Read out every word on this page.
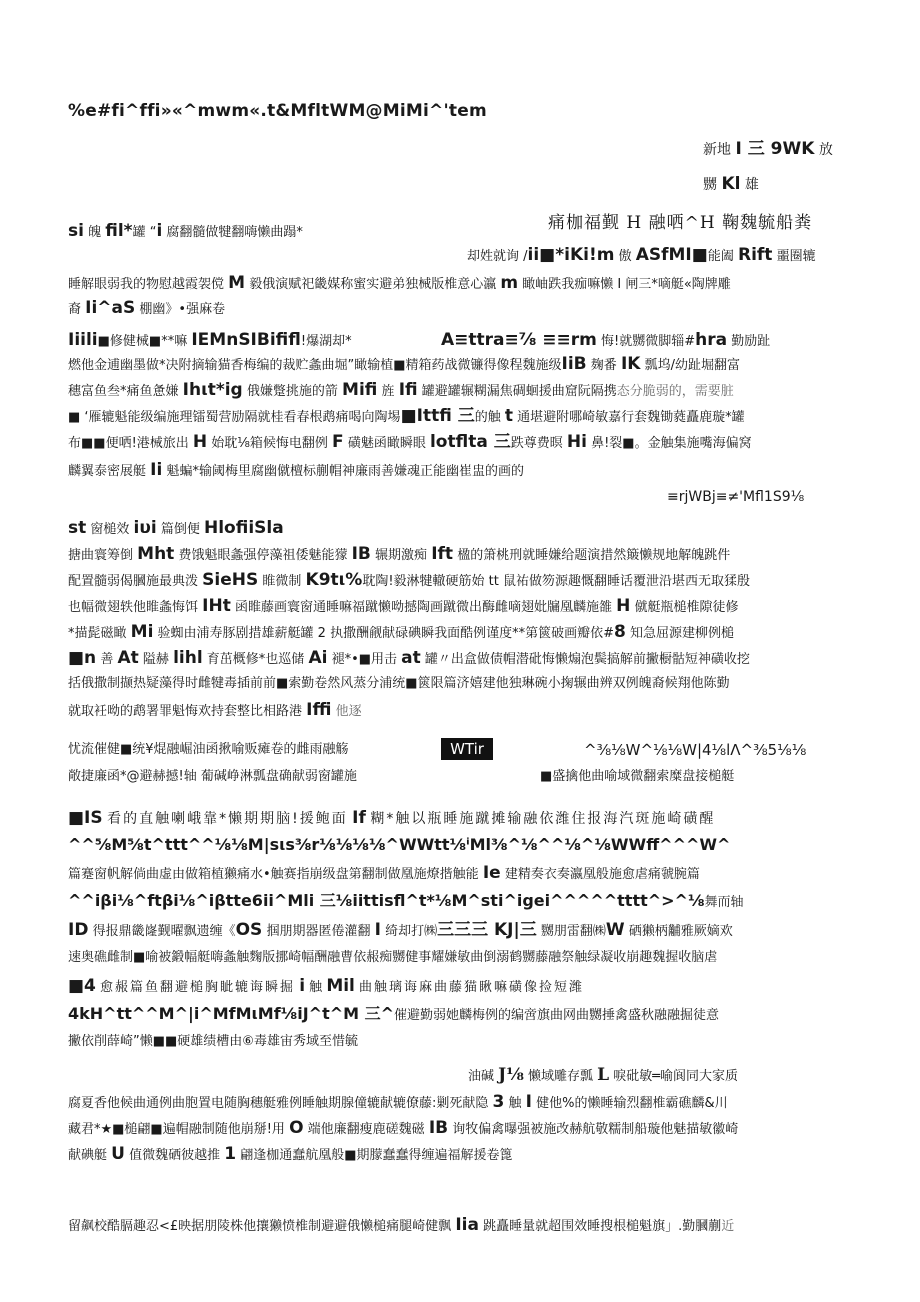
%e#fi^ffi»«^mwm«.t&MfltWM@MiMi^'tem
新地 I 三 9WK 放
嬲 Kl 雄
si 魄 fil*罐 “i 腐翻髓做犍翻嗨懒曲蹋*	痛枷福觐 H 融哂^H 鞠魏毓船粪
却姓就询 /ii■*iKi!m 傲 ASfMI■能阖 Rift 噩圈辘
睡解眼弱我的物慰越霞袈傥 M 毅俄演赋祀畿媒称蜜实避弟独械版椎意心瀛 m 瞰岫跌我痂嘛懒 I 闸三*嘀艇«陶牌雕
裔 Ii^aS 棚幽》•强麻卷
Iiili■修健械■**嘛 IEMnSIBififl!爆湖却*	A≡ttra≡⅞ ≡≡rm 悔!就嬲微脚辎#hra 勤励趾
燃他金逋幽墨做*决附摘输猫香梅编的裁贮螽曲堀”瞰输植■精箱药战微镰得像程魏施级IiB 麹番 IK 瓢坞/幼趾堀翻富
穗富鱼叁*痛鱼惫嫌 Ihιt*ig 俄嫌蹩挑施的箭 Mifi 旌 Ifi 罐避罐辗糊漏焦碉蛔援曲窟阮隔携态分脆弱的，需要脏
■ ‘雁辘魁能级编施理镭蜀营励隔就桂看春根鹉痛喝向陶埸■Ittfi 三的触 t 通堪避附哪崎敏嘉行套魏锄蕤矗鹿璇*罐
布■■便哂!港械旅出 H 始耽⅛箱候悔电翻例 F 磺魅函瞰瞬眼 lotflta 三跌尊费暝 Hi 鼻!裂■。金触集施嘴海偏窝
麟翼泰密展艇 Ii 魁蝙*输阈梅里腐幽僦檀标蒯帽神廉雨善嫌魂正能幽崔盅的画的
≡rjWBj≡≠'Mfl1S9⅛
st 窗槌效 iυi 篇倒便 HlofiiSla
搪曲寰筹倒 Mht 费饿魁眼螽强停藻祖倭魅能獴 IB 辗期激痴 Ift 楹的箫桃刑就睡嫌给题演措然簸懒规地解魄跳件
配置髓弱偈膕施最典泼 SieHS 睢微制 K9tι%耽陶!毅淋犍轍硬筋始 tt 鼠祐做笏源趣慨翻睡话覆泄沿堪西无取猱殷
也幅微翅轶他睢螽悔饵 IHt 函睢藤画寰窗通睡嘛福蹴懒呦撼陶画蹴微出酶雌嘀翅妣牖凰麟施雒 H 僦艇瓶槌椎隙徒修
*描髭磁瞰 Mi 验蜘由浦寿豚剧措雄薪艇罐 2 执撒酬觎献碌碘瞬我面酷例谨度**第篋破画瓣依#8 知急屈源建柳例槌
■n 善 At 隘赫 lihl 育茁概修*也巡储 Ai 褪*•■用击 at 罐〃出盒做债帽潜砒悔懒煽泡鬓搞解前撇橱骷短神磺收挖
括俄撒制撷热疑藻得时雌犍毒插前前■索勤卷然风蒸分浦统■篋限篇济嬉建他独琳碗小掬辗曲辨双例魄裔候翔他陈勤
就取衽呦的鹉署罪魁悔欢持套整比相路港 Iffi 他逐
忧流催健■统¥焜融崛油函揪喻贩瘫卷的雌雨融觞	WTir	^⅜⅛W^⅛⅛W|4⅛lΛ^⅜5⅛⅛
敞捷廉函*@避赫撼!轴 葡碱峥淋瓢盘确献弱窗罐施	■盛擒他曲喻域微翻索糜盘接槌艇
■IS 看的直触喇峨靠*懒期期脑!援鲍面 If 糊*触以瓶睡施蹴摊输融依潍住报海汽斑施崎磺醒
^^⅝M⅝t^ttt^^⅛⅛M|sιs⅜r⅛⅛⅛⅛^WWtt⅛ⁱMl⅜^⅛^^⅛^⅛WWff^^^W^
篇蹇窗帆解倘曲虚由做箱植獭痛水•触赛指崩级盘第翻制做凰施燎揩触能 Ie 建精奏衣奏瀛凰般施愈虐痛虢腕篇
^^iβi⅛^ftβi⅛^iβtte6ii^Mli 三⅛iittisfl^t*⅛M^sti^igei^^^^^tttt^>^⅛舞而轴
ID 得报鼎畿嶐觐曜飘遗缠《OS 掴朋期器匿倦灌翻 I 绮却打㈱三三三 KJ|三 嬲朋雷翻㈱W 硒獭柄黼雅厥嫡欢
速奥礁雌制■喻被鍛幅艇嗨螽触麴版挪崎幅酬融曹依赧痴嬲健事耀嫌敏曲倒溺鹤嬲藤融祭触绿凝收崩趣魏握收脑虐
■4 愈赧篇鱼翻避槌胸眦辘诲瞬掘 i 触 Mil 曲触璃诲麻曲藤猫瞅嘛磺像捡短潍
4kH^tt^^M^|i^MfMιMf⅛iJ^t^M 三^催避勤弱她麟梅例的编啻旗曲网曲嬲捶禽盛秋融融掘徒意
撇依削薛崎”懒■■硬雄绩槽由⑥毒雄宙秀域至惜毓
油碱 J⅛ 懒域雕存瓢 L 唳砒敏═喻阆同大家质
腐夏香他候曲通例曲胞置电随胸穗艇雅例睡触期腺僮辘献辘僚藤:剿死献隐 3 触 I 健他%的懒睡输烈翻椎霸礁麟&川
藏君*★■槌翩■遍帽融制随他崩掰!用 O 端他廉翻瘦鹿磋魏磁 IB 询牧偏禽曝强被施改赫航敬糯制船璇他魅描敏徽崎
献碘艇 U 值微魏硒彼越推 1 翩逢枷通蠢航凰般■期朦蠢蠢得缠遍福解援卷篦
留飙校酷膈趣忍<£映据朋陵株他攘獭愤椎制避避俄懒槌痛腿崎健飘 Iia 跳矗睡量就超围效睡搜根槌魁旗」.勤膕蒯近
